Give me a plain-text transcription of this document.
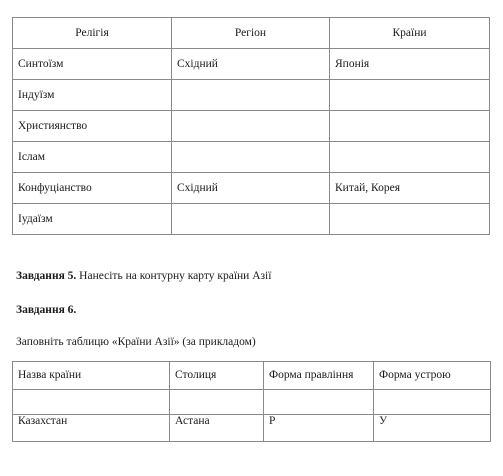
Релігія	Регіон	Країни
Синтоїзм	Східний	Японія
Індуїзм		
Християнство		
Іслам		
Конфуціанство	Східний	Китай, Корея
Іудаїзм		

Завдання 5. Нанесіть на контурну карту країни Азії

Завдання 6.

Заповніть таблицю «Країни Азії» (за прикладом)

Назва країни	Столиця	Форма правління	Форма устрою

Казахстан	Астана	Р	У
